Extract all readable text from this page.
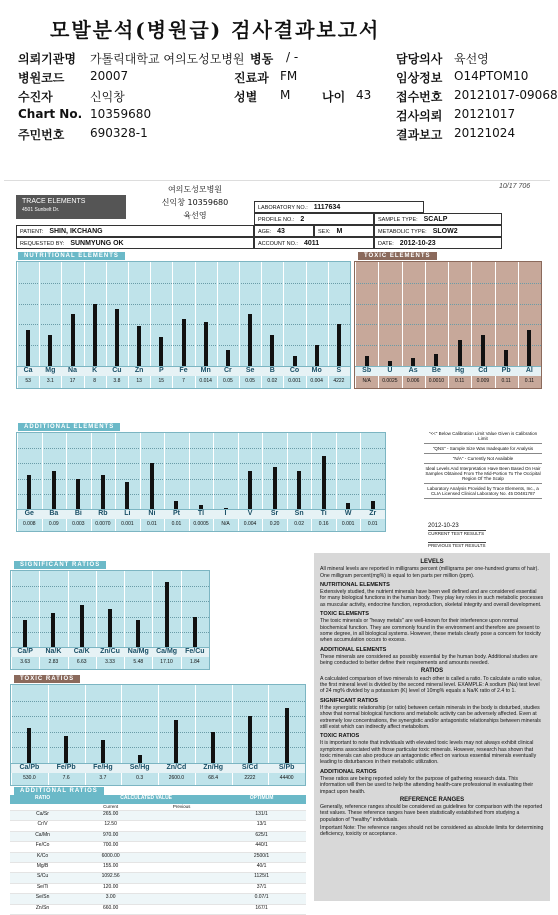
모발분석(병원급) 검사결과보고서
의뢰기관명 가톨릭대학교 여의도성모병원 병동 / -	담당의사 육선영
병원코드 20007	진료과 FM	임상정보 O14PTOM10
수진자	신익창	성별 M	나이 43 접수번호 20121017-09068
Chart No. 10359680	검사의뢰 20121017
주민번호 690328-1	결과보고 20121024
TRACE ELEMENTS
4501 Sunbelt Dr.
여의도성모병원
신익창 10359680
육선영
10/17 706
LABORATORY NO.: 1117634
PROFILE NO.: 2	SAMPLE TYPE: SCALP
PATIENT: SHIN, IKCHANG	AGE: 43	SEX: M	METABOLIC TYPE: SLOW2
REQUESTED BY: SUNMYUNG OK	ACCOUNT NO.: 4011	DATE: 2012-10-23
NUTRITIONAL ELEMENTS
Ca Mg Na K Cu Zn P Fe Mn Cr Se B Co Mo S
53	3.1	17	8	3.8	13	15	7	0.014 0.05 0.05 0.02 0.001 0.004 4222
TOXIC ELEMENTS
Sb U As Be Hg Cd Pb Al
N/A 0.0025 0.006 0.0010 0.11 0.009 0.11	0.11
ADDITIONAL ELEMENTS
Ge Ba Bi Rb Li	Ni	Pt	Tl	I	V	Sr Sn Ti	W	Zr
0.008	0.09	0.003 0.0070 0.001	0.01	0.01 0.0005	N/A	0.004	0.20	0.02	0.16	0.001	0.01
"<<" Below Calibration Limit Value Given is Calibration Limit
"QNS" - Sample Size Was Inadequate for Analysis
"N/A" - Currently Not Available
Ideal Levels And Interpretation Have Been Based On Hair Samples Obtained From The Mid-Portion To The Occipital Region Of The Scalp
Laboratory Analysis Provided by Trace Elements, Inc., a CLIA Licensed Clinical Laboratory No. 45 D0481787
2012-10-23
CURRENT TEST RESULTS
PREVIOUS TEST RESULTS
SIGNIFICANT RATIOS
Ca/P Na/K Ca/K Zn/Cu Na/Mg Ca/Mg Fe/Cu
3.63	2.83	6.63	3.33	5.48	17.10	1.84
TOXIC RATIOS
Ca/Pb Fe/Pb Fe/Hg Se/Hg Zn/Cd Zn/Hg	S/Cd	S/Pb
530.0	7.6	3.7	0.3	2600.0	68.4	2222	44400
ADDITIONAL RATIOS
RATIO	CALCULATED VALUE	OPTIMUM
Current	Previous
Ca/Sr	265.00	131/1
Cr/V	12.50	13/1
Ca/Mn	970.00	625/1
Fe/Co	700.00	440/1
K/Co	6000.00	2500/1
Mg/B	155.00	40/1
S/Cu	1092.56	1125/1
Se/Ti	120.00	37/1
Se/Sn	3.00	0.07/1
Zn/Sn	660.00	167/1
LEVELS

All mineral levels are reported in milligrams percent (milligrams per one-hundred grams of hair). One milligram percent(mg%) is equal to ten parts per million (ppm).

NUTRITIONAL ELEMENTS

Extensively studied, the nutrient minerals have been well defined and are considered essential for many biological functions in the human body. They play key roles in such metabolic processes as muscular activity, endocrine function, reproduction, skeletal integrity and overall development.

TOXIC ELEMENTS

The toxic minerals or "heavy metals" are well-known for their interference upon normal biochemical function. They are commonly found in the environment and therefore are present to some degree, in all biological systems. However, these metals clearly pose a concern for toxicity when accumulation occurs to excess.

ADDITIONAL ELEMENTS

These minerals are considered as possibly essential by the human body. Additional studies are being conducted to better define their requirements and amounts needed.

RATIOS

A calculated comparison of two minerals to each other is called a ratio. To calculate a ratio value, the first mineral level is divided by the second mineral level. EXAMPLE: A sodium (Na) test level of 24 mg% divided by a potassium (K) level of 10mg% equals a Na/K ratio of 2.4 to 1.

SIGNIFICANT RATIOS

If the synergistic relationship (or ratio) between certain minerals in the body is disturbed, studies show that normal biological functions and metabolic activity can be adversely affected. Even at extremely low concentrations, the synergistic and/or antagonistic relationships between minerals still exist which can indirectly affect metabolism.

TOXIC RATIOS

It is important to note that individuals with elevated toxic levels may not always exhibit clinical symptoms associated with those particular toxic minerals. However, research has shown that toxic minerals can also produce an antagonistic effect on various essential minerals eventually leading to disturbances in their metabolic utilization.

ADDITIONAL RATIOS

These ratios are being reported solely for the purpose of gathering research data. This information will then be used to help the attending health-care professional in evaluating their impact upon health.

REFERENCE RANGES

Generally, reference ranges should be considered as guidelines for comparison with the reported test values. These reference ranges have been statistically established from studying a population of "healthy" individuals.

Important Note: The reference ranges should not be considered as absolute limits for determining deficiency, toxicity or acceptance.
